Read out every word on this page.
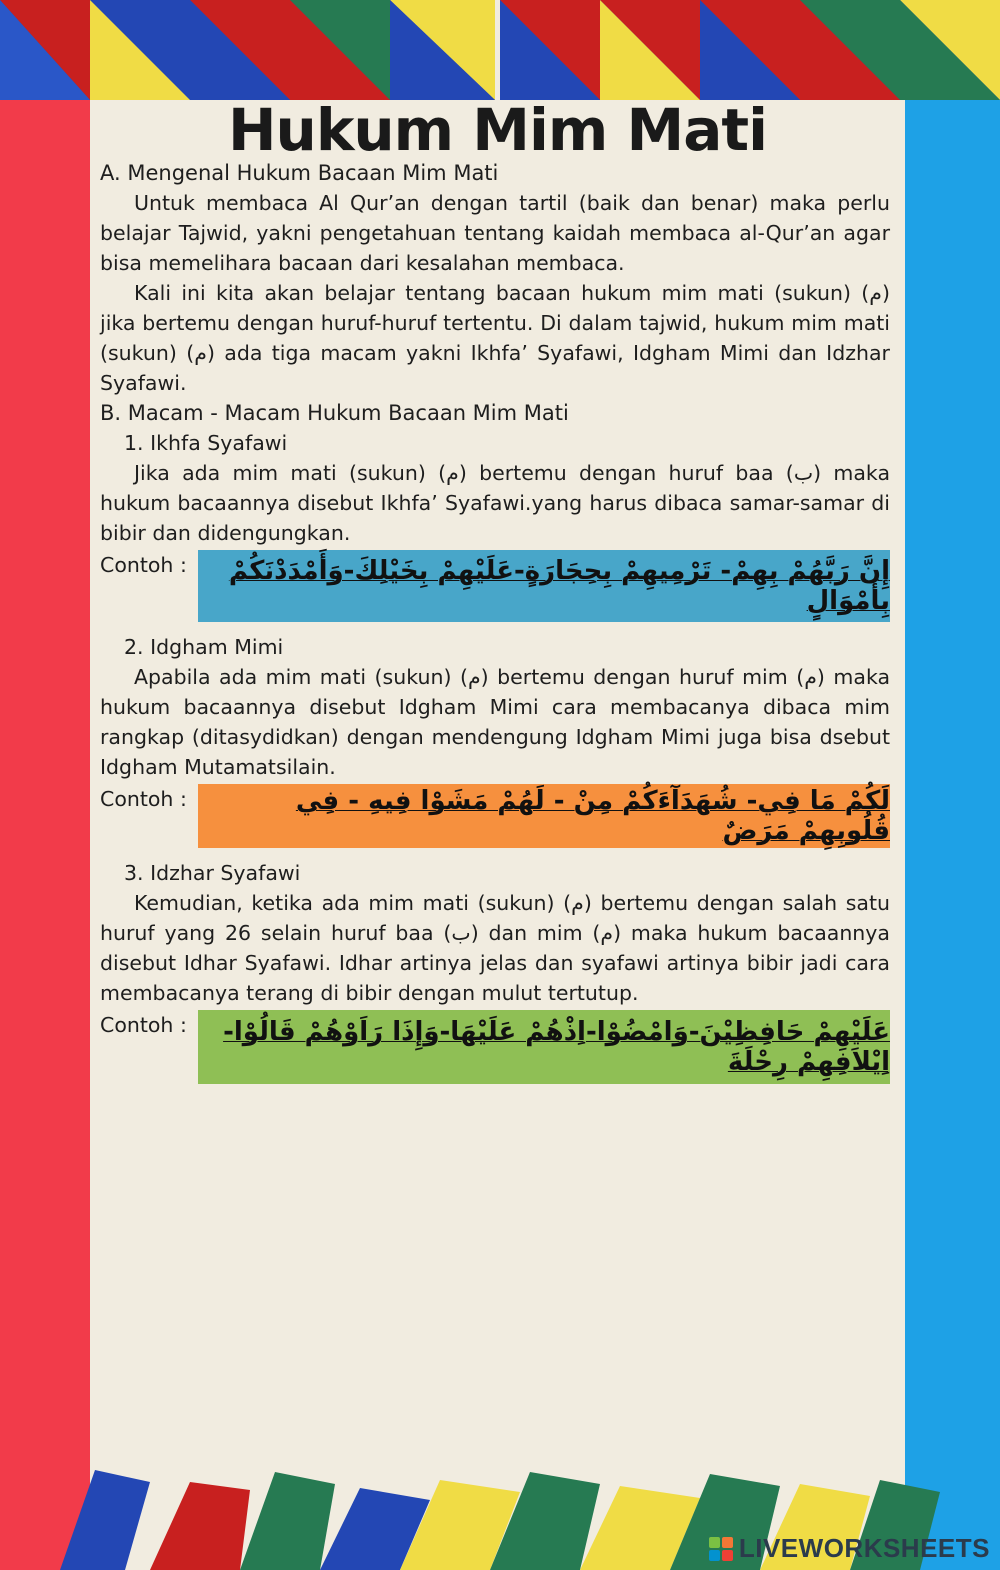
Hukum Mim Mati

A. Mengenal Hukum Bacaan Mim Mati

Untuk membaca Al Qur’an dengan tartil (baik dan benar) maka perlu belajar Tajwid, yakni pengetahuan tentang kaidah membaca al-Qur’an agar bisa memelihara bacaan dari kesalahan membaca.

Kali ini kita akan belajar tentang bacaan hukum mim mati (sukun) (م) jika bertemu dengan huruf-huruf tertentu. Di dalam tajwid, hukum mim mati (sukun) (م) ada tiga macam yakni Ikhfa’ Syafawi, Idgham Mimi dan Idzhar Syafawi.

B. Macam - Macam Hukum Bacaan Mim Mati

1. Ikhfa Syafawi

Jika ada mim mati (sukun) (م) bertemu dengan huruf baa (ب) maka hukum bacaannya disebut Ikhfa’ Syafawi.yang harus dibaca samar-samar di bibir dan didengungkan.

Contoh :	إِنَّ رَبَّهُمْ بِهِمْ- تَرْمِيهِمْ بِحِجَارَةٍ-عَلَيْهِمْ بِخَيْلِكَ-وَأَمْدَدْنَكُمْ بِأَمْوَالٍ

2. Idgham Mimi

Apabila ada mim mati (sukun) (م) bertemu dengan huruf mim (م) maka hukum bacaannya disebut Idgham Mimi cara membacanya dibaca mim rangkap (ditasydidkan) dengan mendengung Idgham Mimi juga bisa dsebut Idgham Mutamatsilain.

Contoh :	لَكُمْ مَا فِي- شُهَدَآءَكُمْ مِنْ - لَهُمْ مَشَوْا فِيهِ - فِي قُلُوبِهِمْ مَرَضٌ

3. Idzhar Syafawi

Kemudian, ketika ada mim mati (sukun) (م) bertemu dengan salah satu huruf yang 26 selain huruf baa (ب) dan mim (م) maka hukum bacaannya disebut Idhar Syafawi. Idhar artinya jelas dan syafawi artinya bibir jadi cara membacanya terang di bibir dengan mulut tertutup.

Contoh :	عَلَيْهِمْ حَافِظِيْنَ-وَامْضُوْا-اِذْهُمْ عَلَيْهَا-وَإِذَا رَاَوْهُمْ قَالُوْا-اِيْلاَفِهِمْ رِحْلَةَ
LIVEWORKSHEETS
